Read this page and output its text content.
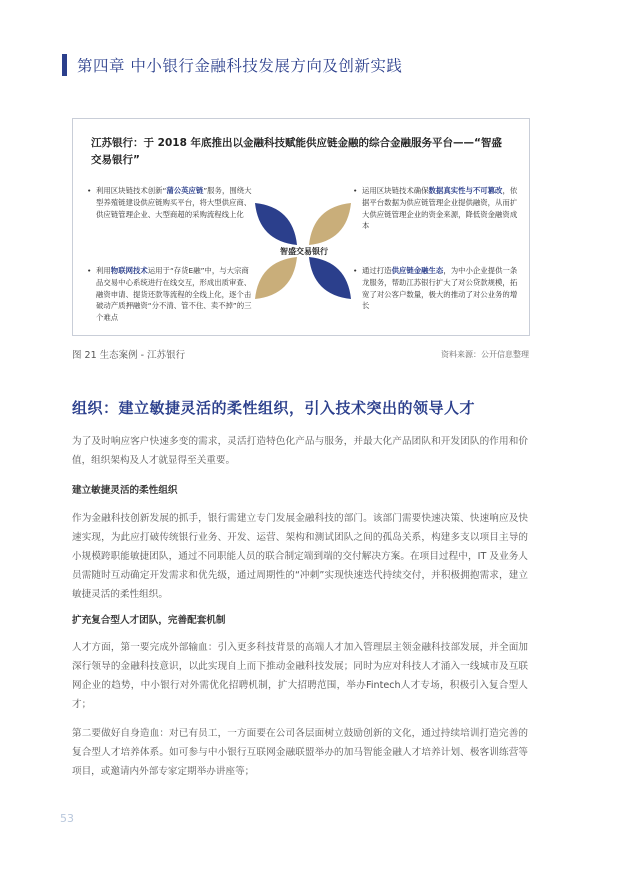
第四章 中小银行金融科技发展方向及创新实践
江苏银行：于 2018 年底推出以金融科技赋能供应链金融的综合金融服务平台——“智盛交易银行”
• 利用区块链技术创新“蒲公英应链”服务，围绕大型养殖链建设供应链购买平台，将大型供应商、供应链管理企业、大型商超的采购流程线上化
• 利用物联网技术运用于“存货E融”中，与大宗商品交易中心系统进行在线交互，形成出质审查、融资申请、提货还款等流程的全线上化，逐个击破动产质押融资“分不清、管不住、卖不掉”的三个难点
• 运用区块链技术确保数据真实性与不可篡改，依据平台数据为供应链管理企业提供融资，从而扩大供应链管理企业的资金来源，降低资金融资成本
• 通过打造供应链金融生态，为中小企业提供一条龙服务，帮助江苏银行扩大了对公贷款规模，拓宽了对公客户数量，极大的推动了对公业务的增长
智盛交易银行
图 21 生态案例 - 江苏银行	资料来源：公开信息整理
组织：建立敏捷灵活的柔性组织，引入技术突出的领导人才
为了及时响应客户快速多变的需求，灵活打造特色化产品与服务，并最大化产品团队和开发团队的作用和价值，组织架构及人才就显得至关重要。
建立敏捷灵活的柔性组织
作为金融科技创新发展的抓手，银行需建立专门发展金融科技的部门。该部门需要快速决策、快速响应及快速实现，为此应打破传统银行业务、开发、运营、架构和测试团队之间的孤岛关系，构建多支以项目主导的小规模跨职能敏捷团队，通过不同职能人员的联合制定端到端的交付解决方案。在项目过程中，IT 及业务人员需随时互动确定开发需求和优先级，通过周期性的“冲刺”实现快速迭代持续交付，并积极拥抱需求，建立敏捷灵活的柔性组织。
扩充复合型人才团队，完善配套机制
人才方面，第一要完成外部输血：引入更多科技背景的高端人才加入管理层主领金融科技部发展，并全面加深行领导的金融科技意识，以此实现自上而下推动金融科技发展；同时为应对科技人才涌入一线城市及互联网企业的趋势，中小银行对外需优化招聘机制，扩大招聘范围，举办Fintech人才专场，积极引入复合型人才；
第二要做好自身造血：对已有员工，一方面要在公司各层面树立鼓励创新的文化，通过持续培训打造完善的复合型人才培养体系。如可参与中小银行互联网金融联盟举办的加马智能金融人才培养计划、极客训练营等项目，或邀请内外部专家定期举办讲座等；
53
